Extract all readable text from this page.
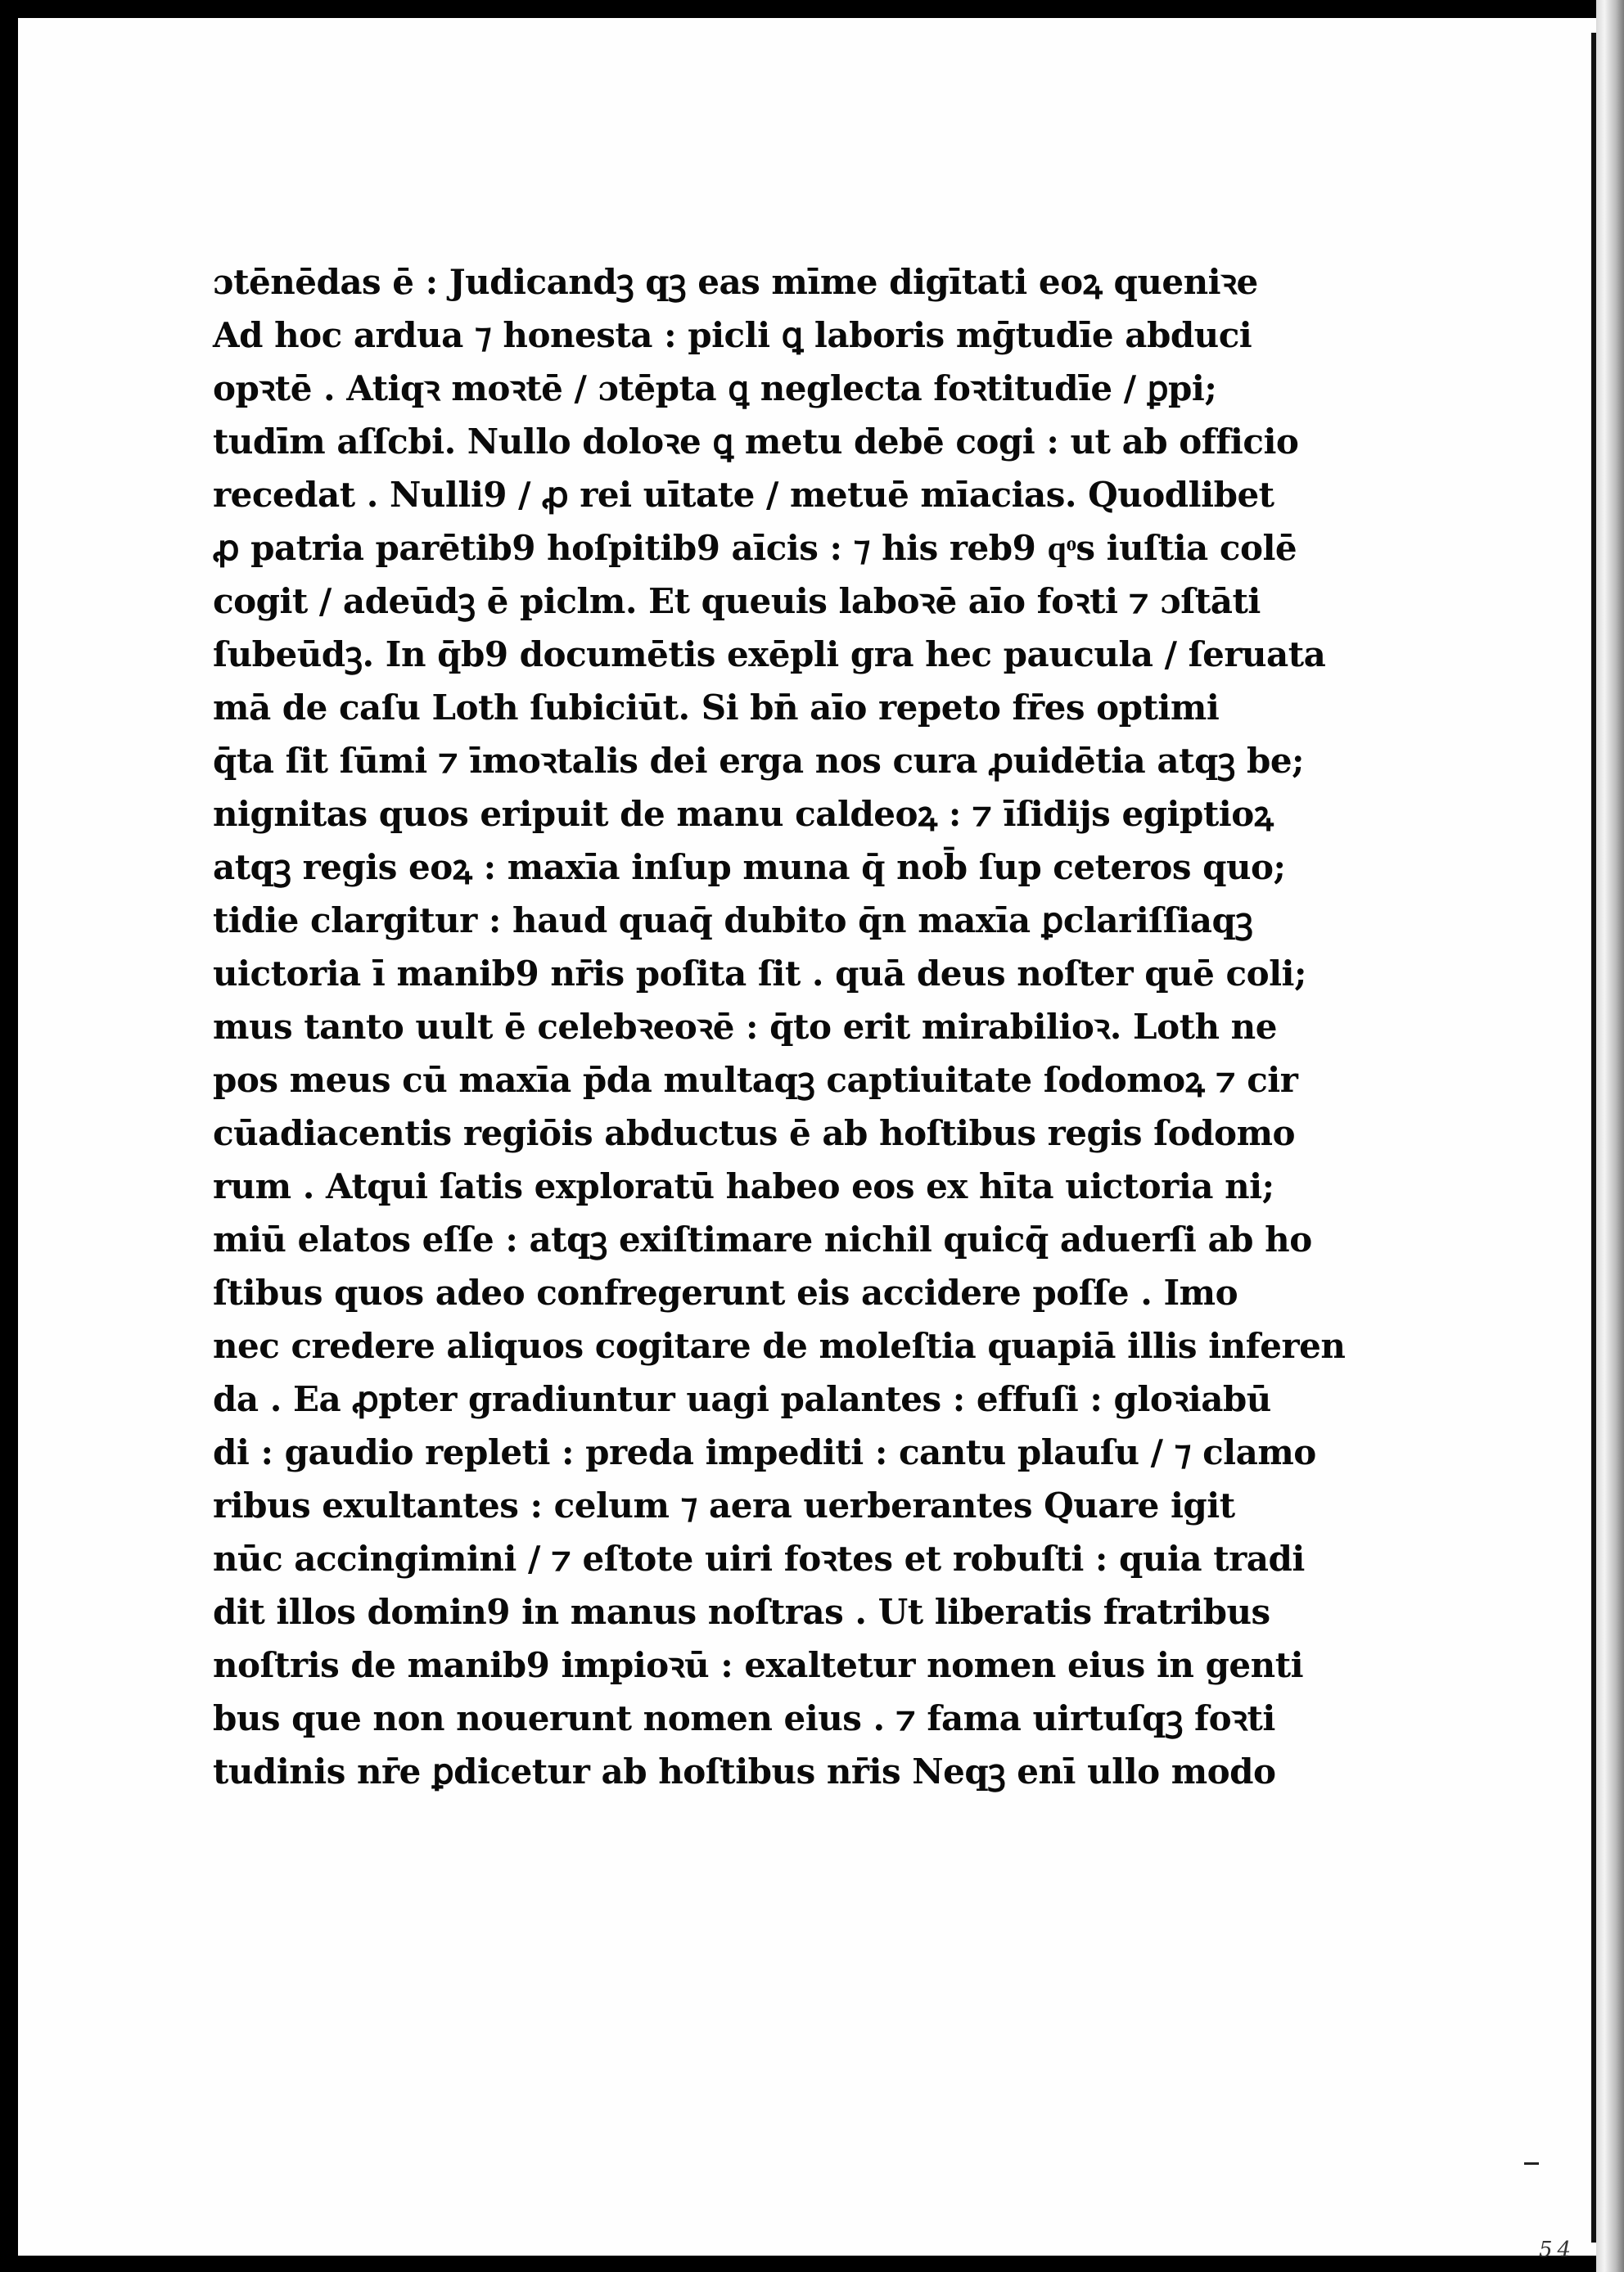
ɔtēnēdas ē : Judicandꝫ qꝫ eas mīme digītati eoꝝ queniꝛe
Ad hoc ardua ⁊ honesta : picli ꝗ laboris mḡtudīe abduci
opꝛtē . Atiqꝛ moꝛtē / ɔtēpta ꝗ neglecta foꝛtitudīe / ꝑpi;
tudīm aſſcbi. Nullo doloꝛe ꝗ metu debē cogi : ut ab officio
recedat . Nulli9 / ꝓ rei uītate / metuē mīacias. Quodlibet
ꝓ patria parētib9 hoſpitib9 aīcis : ⁊ his reb9 qͦs iuſtia colē
cogit / adeūdꝫ ē piclm. Et queuis laboꝛē aīo foꝛti ⁊ ɔſtāti
ſubeūdꝫ. In q̄b9 documētis exēpli gra hec paucula / ſeruata
mā de caſu Loth ſubiciūt. Si bn̄ aīo repeto fr̄es optimi
q̄ta ſit ſūmi ⁊ īmoꝛtalis dei erga nos cura ꝓuidētia atqꝫ be;
nignitas quos eripuit de manu caldeoꝝ : ⁊ īſidijs egiptioꝝ
atqꝫ regis eoꝝ : maxīa inſup muna q̄ nob̄ ſup ceteros quo;
tidie clargitur : haud quaq̄ dubito q̄n maxīa ꝑclariſſiaqꝫ
uictoria ī manib9 nr̄is poſita ſit . quā deus noſter quē coli;
mus tanto uult ē celebꝛeoꝛē : q̄to erit mirabilioꝛ. Loth ne
pos meus cū maxīa p̄da multaqꝫ captiuitate ſodomoꝝ ⁊ cir
cūadiacentis regiōis abductus ē ab hoſtibus regis ſodomo
rum . Atqui ſatis exploratū habeo eos ex hīta uictoria ni;
miū elatos eſſe : atqꝫ exiſtimare nichil quicq̄ aduerſi ab ho
ſtibus quos adeo confregerunt eis accidere poſſe . Imo
nec credere aliquos cogitare de moleſtia quapiā illis inferen
da . Ea ꝓpter gradiuntur uagi palantes : effuſi : gloꝛiabū
di : gaudio repleti : preda impediti : cantu plauſu / ⁊ clamo
ribus exultantes : celum ⁊ aera uerberantes Quare igit
nūc accingimini / ⁊ eſtote uiri foꝛtes et robuſti : quia tradi
dit illos domin9 in manus noſtras . Ut liberatis fratribus
noſtris de manib9 impioꝛū : exaltetur nomen eius in genti
bus que non nouerunt nomen eius . ⁊ fama uirtuſqꝫ foꝛti
tudinis nr̄e ꝑdicetur ab hoſtibus nr̄is Neqꝫ enī ullo modo
54
